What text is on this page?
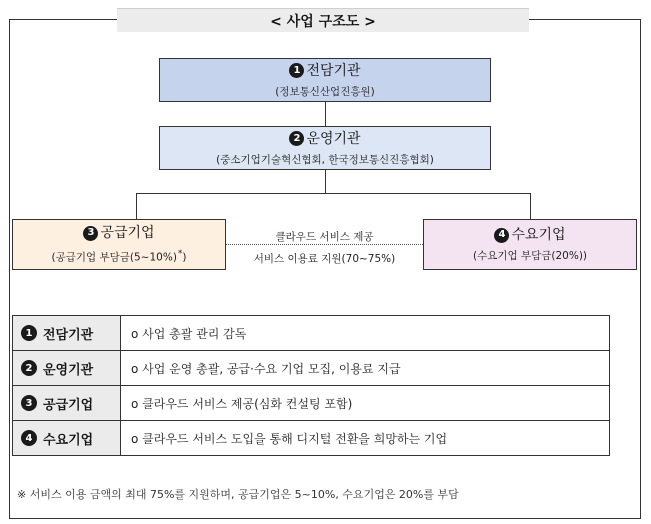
< 사업 구조도 >
1 전담기관
(정보통신산업진흥원)
2 운영기관
(중소기업기술혁신협회, 한국정보통신진흥협회)
3 공급기업
(공급기업 부담금(5~10%)*)
4 수요기업
(수요기업 부담금(20%))
클라우드 서비스 제공
서비스 이용료 지원(70~75%)
1 전담기관	o 사업 총괄 관리 감독

2 운영기관	o 사업 운영 총괄, 공급·수요 기업 모집, 이용료 지급

3 공급기업	o 클라우드 서비스 제공(심화 컨설팅 포함)

4 수요기업	o 클라우드 서비스 도입을 통해 디지털 전환을 희망하는 기업
※ 서비스 이용 금액의 최대 75%를 지원하며, 공급기업은 5~10%, 수요기업은 20%를 부담
